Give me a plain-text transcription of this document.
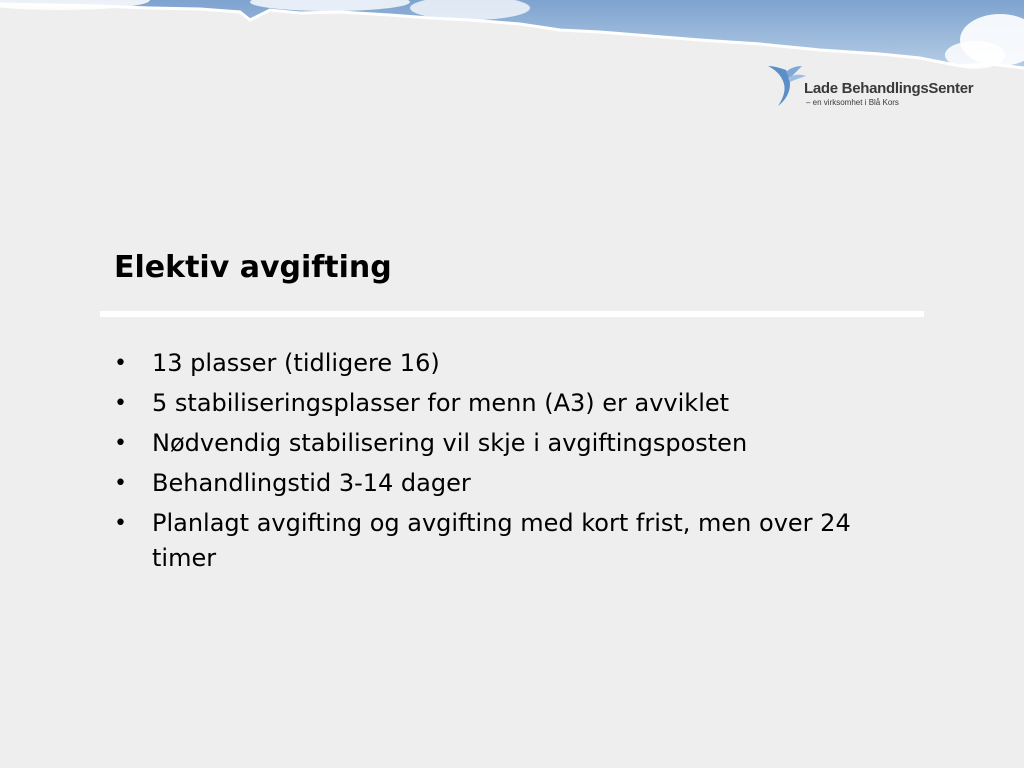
Lade BehandlingsSenter
– en virksomhet i Blå Kors
Elektiv avgifting
• 13 plasser (tidligere 16)
• 5 stabiliseringsplasser for menn (A3) er avviklet
• Nødvendig stabilisering vil skje i avgiftingsposten
• Behandlingstid 3-14 dager
• Planlagt avgifting og avgifting med kort frist, men over 24 timer
